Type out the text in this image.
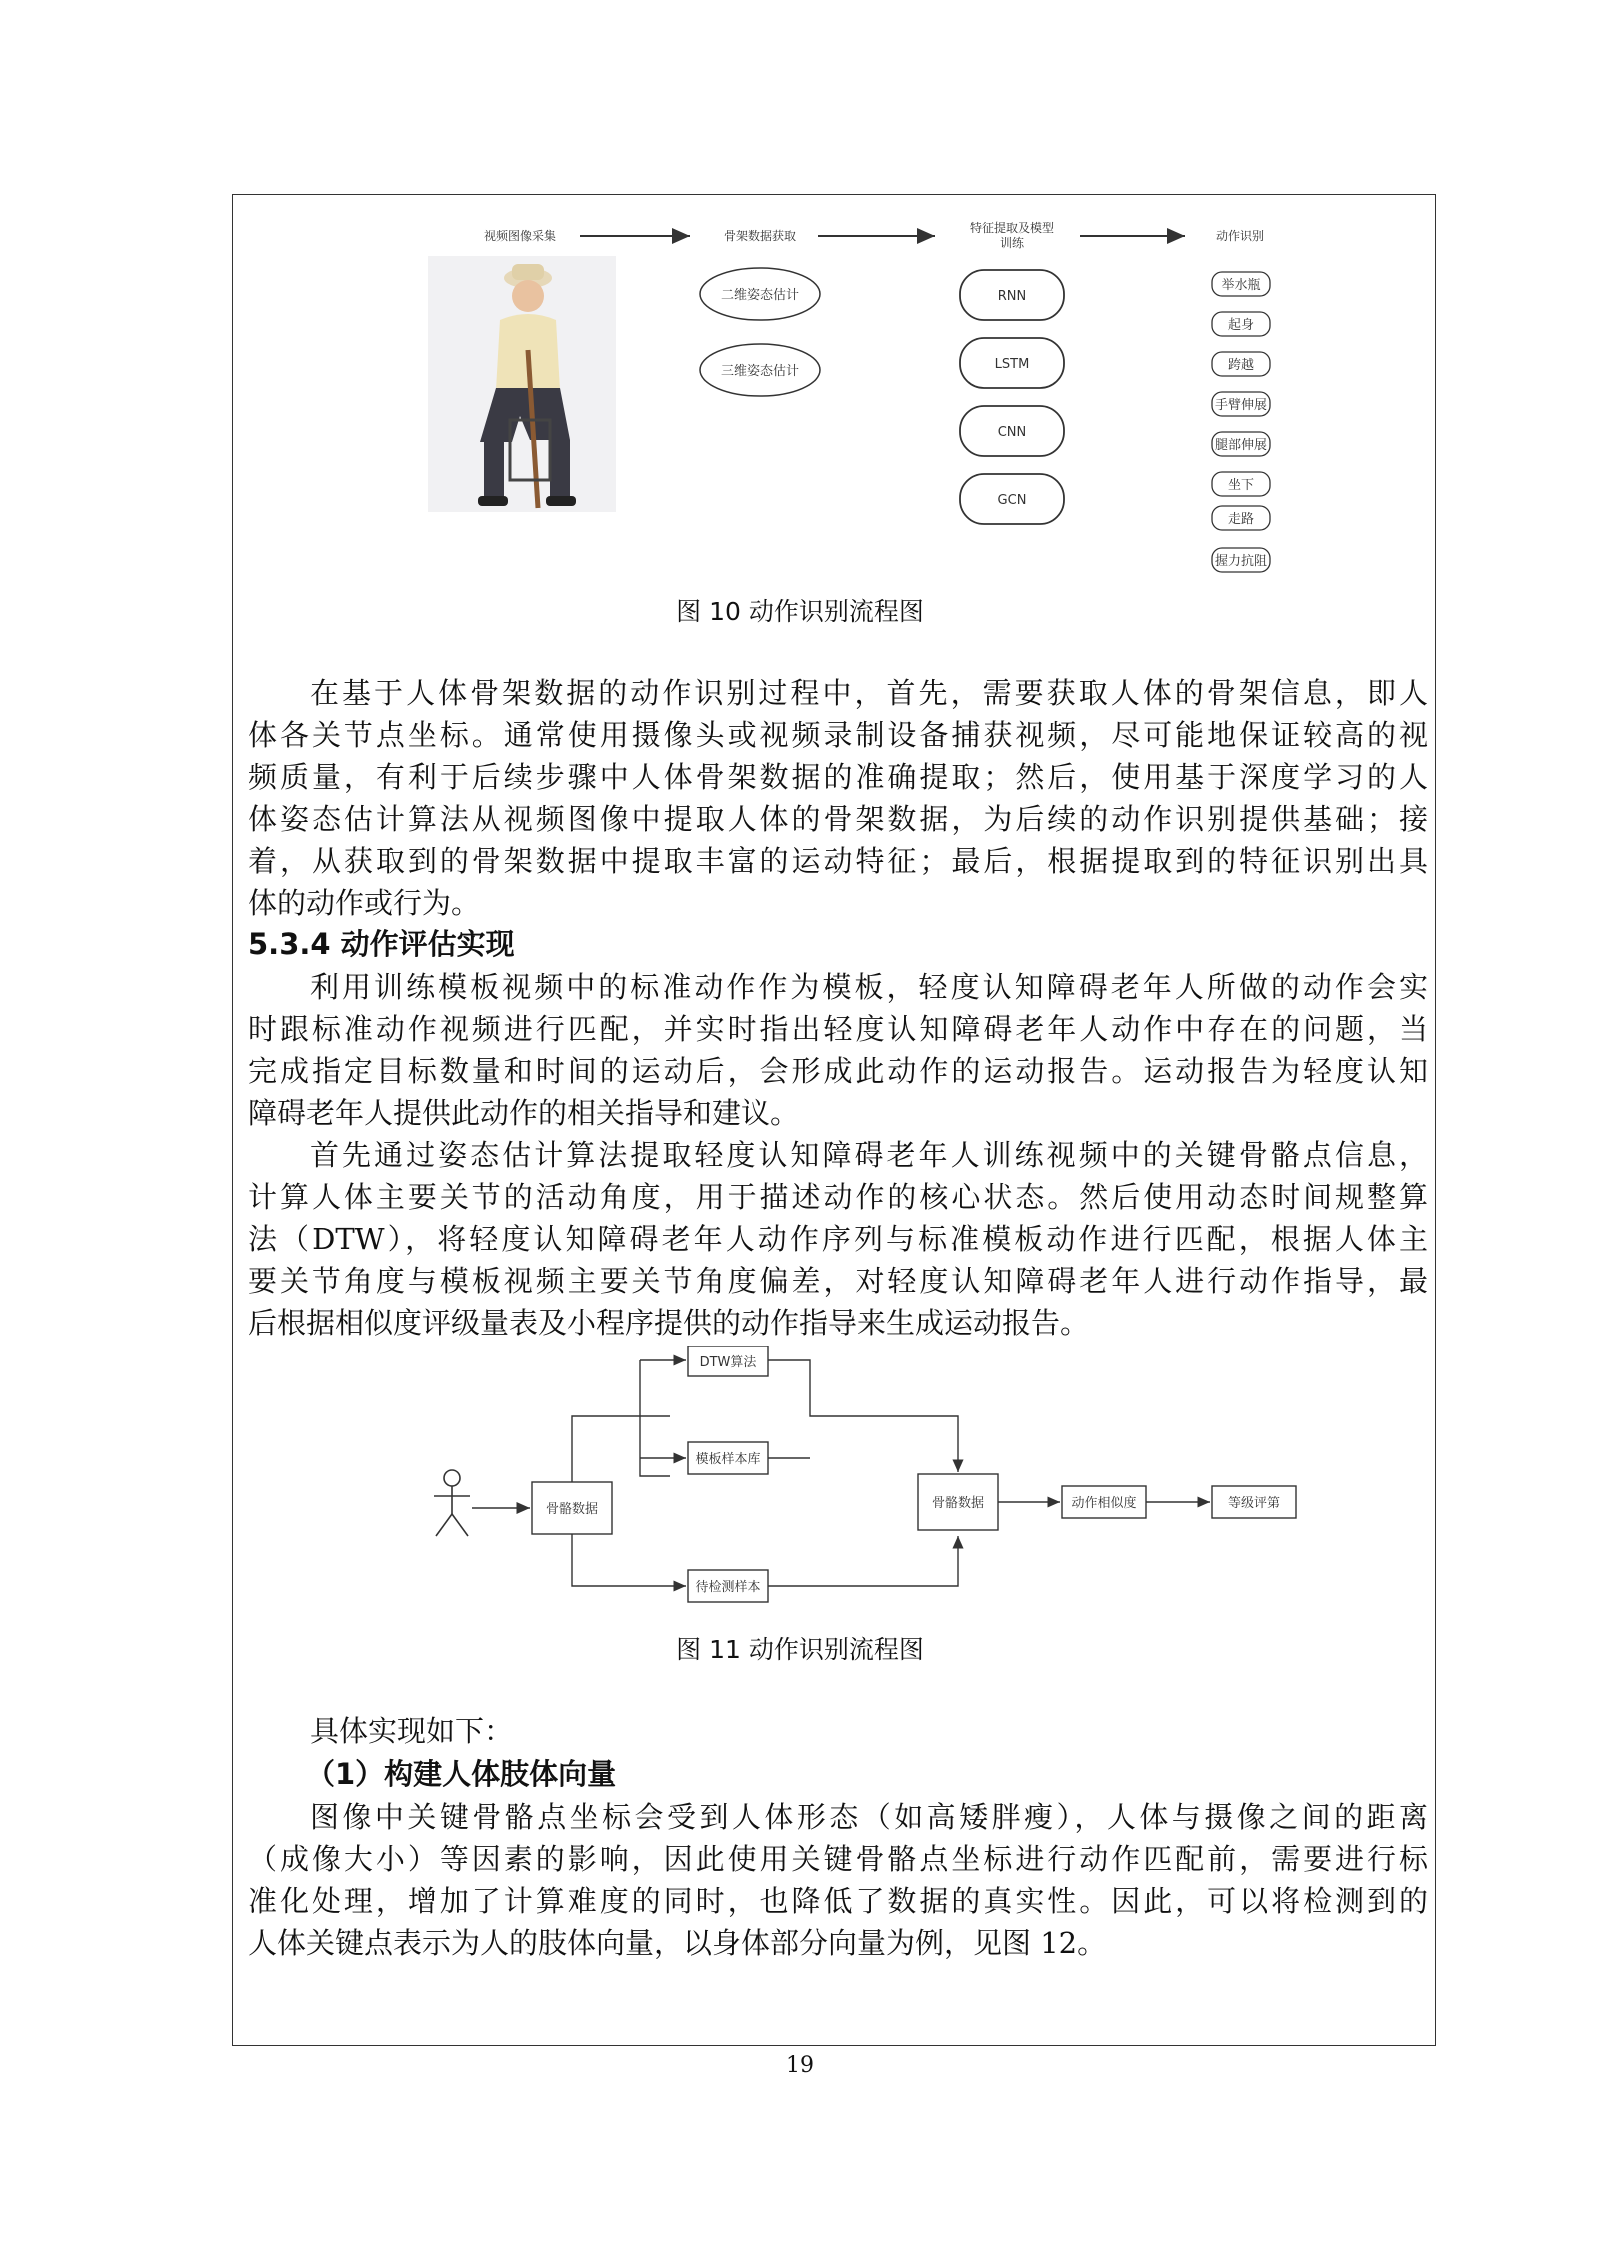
视频图像采集	骨架数据获取
特征提取及模型
训练	动作识别
二维姿态估计
三维姿态估计
RNN
LSTM
CNN
GCN
举水瓶
起身
跨越
手臂伸展
腿部伸展
坐下
走路
握力抗阻
图 10 动作识别流程图
在基于人体骨架数据的动作识别过程中，首先，需要获取人体的骨架信息，即人
体各关节点坐标。通常使用摄像头或视频录制设备捕获视频，尽可能地保证较高的视
频质量，有利于后续步骤中人体骨架数据的准确提取；然后，使用基于深度学习的人
体姿态估计算法从视频图像中提取人体的骨架数据，为后续的动作识别提供基础；接
着，从获取到的骨架数据中提取丰富的运动特征；最后，根据提取到的特征识别出具
体的动作或行为。
5.3.4 动作评估实现
利用训练模板视频中的标准动作作为模板，轻度认知障碍老年人所做的动作会实
时跟标准动作视频进行匹配，并实时指出轻度认知障碍老年人动作中存在的问题，当
完成指定目标数量和时间的运动后，会形成此动作的运动报告。运动报告为轻度认知
障碍老年人提供此动作的相关指导和建议。
首先通过姿态估计算法提取轻度认知障碍老年人训练视频中的关键骨骼点信息，
计算人体主要关节的活动角度，用于描述动作的核心状态。然后使用动态时间规整算
法（DTW），将轻度认知障碍老年人动作序列与标准模板动作进行匹配，根据人体主
要关节角度与模板视频主要关节角度偏差，对轻度认知障碍老年人进行动作指导，最
后根据相似度评级量表及小程序提供的动作指导来生成运动报告。
骨骼数据
DTW算法
模板样本库
待检测样本
骨骼数据	动作相似度	等级评第
图 11 动作识别流程图
具体实现如下：
（1）构建人体肢体向量
图像中关键骨骼点坐标会受到人体形态（如高矮胖瘦），人体与摄像之间的距离
（成像大小）等因素的影响，因此使用关键骨骼点坐标进行动作匹配前，需要进行标
准化处理，增加了计算难度的同时，也降低了数据的真实性。因此，可以将检测到的
人体关键点表示为人的肢体向量，以身体部分向量为例，见图 12。
19
